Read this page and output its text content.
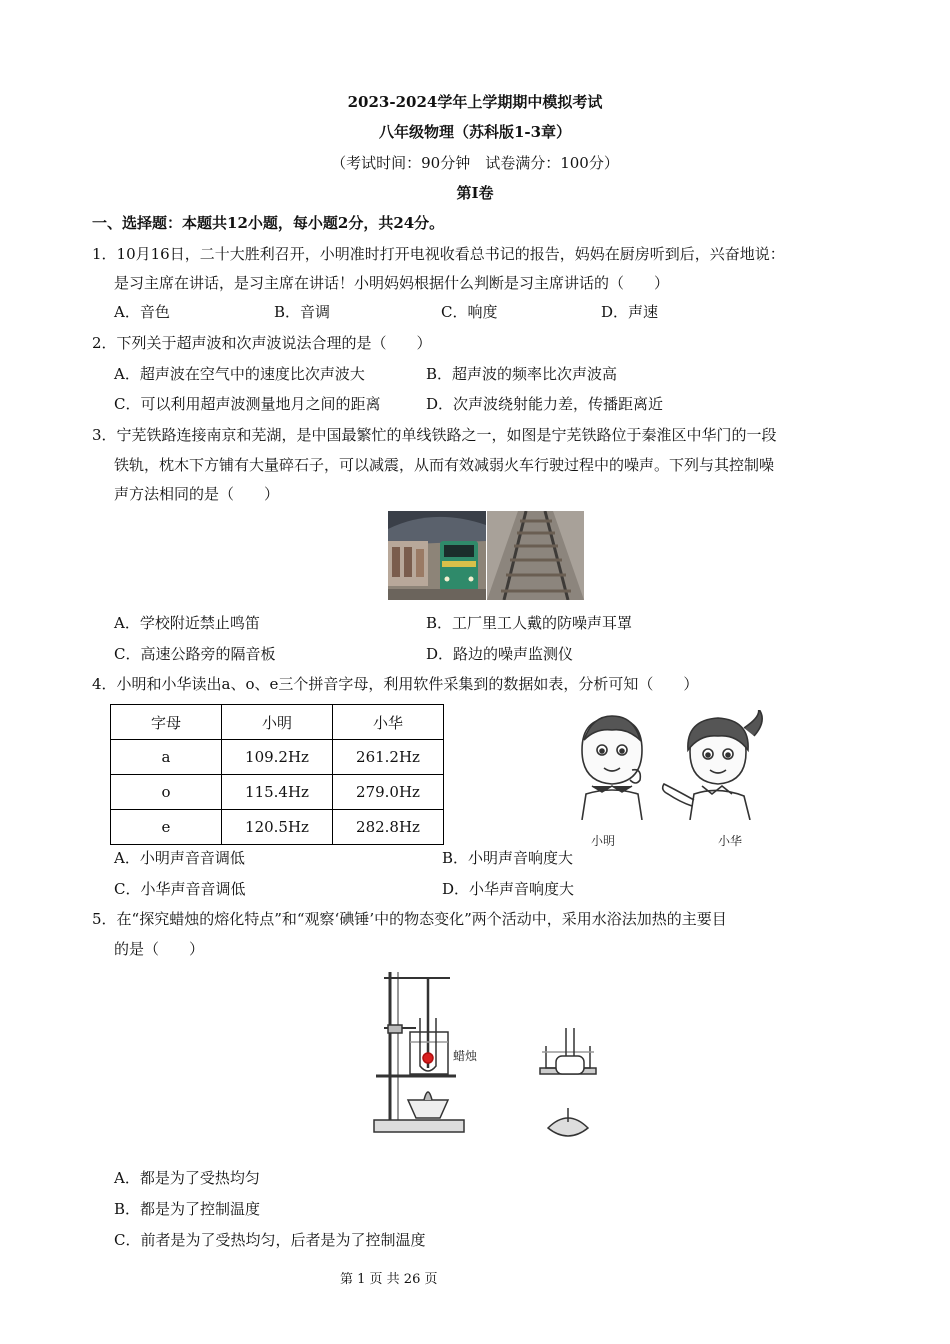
2023-2024学年上学期期中模拟考试
八年级物理（苏科版1-3章）
（考试时间：90分钟　试卷满分：100分）
第Ⅰ卷
一、选择题：本题共12小题，每小题2分，共24分。
1．10月16日，二十大胜利召开，小明准时打开电视收看总书记的报告，妈妈在厨房听到后，兴奋地说：
是习主席在讲话，是习主席在讲话！小明妈妈根据什么判断是习主席讲话的（　　）
A．音色	B．音调	C．响度	D．声速
2．下列关于超声波和次声波说法合理的是（　　）
A．超声波在空气中的速度比次声波大	B．超声波的频率比次声波高
C．可以利用超声波测量地月之间的距离	D．次声波绕射能力差，传播距离近
3．宁芜铁路连接南京和芜湖，是中国最繁忙的单线铁路之一，如图是宁芜铁路位于秦淮区中华门的一段
铁轨，枕木下方铺有大量碎石子，可以减震，从而有效减弱火车行驶过程中的噪声。下列与其控制噪
声方法相同的是（　　）
A．学校附近禁止鸣笛	B．工厂里工人戴的防噪声耳罩
C．高速公路旁的隔音板	D．路边的噪声监测仪
4．小明和小华读出a、o、e三个拼音字母，利用软件采集到的数据如表，分析可知（　　）
字母	小明	小华
a	109.2Hz	261.2Hz
o	115.4Hz	279.0Hz
e	120.5Hz	282.8Hz
小明	小华
A．小明声音音调低	B．小明声音响度大
C．小华声音音调低	D．小华声音响度大
5．在“探究蜡烛的熔化特点”和“观察‘碘锤’中的物态变化”两个活动中，采用水浴法加热的主要目
的是（　　）
蜡烛
A．都是为了受热均匀
B．都是为了控制温度
C．前者是为了受热均匀，后者是为了控制温度
第 1 页 共 26 页
